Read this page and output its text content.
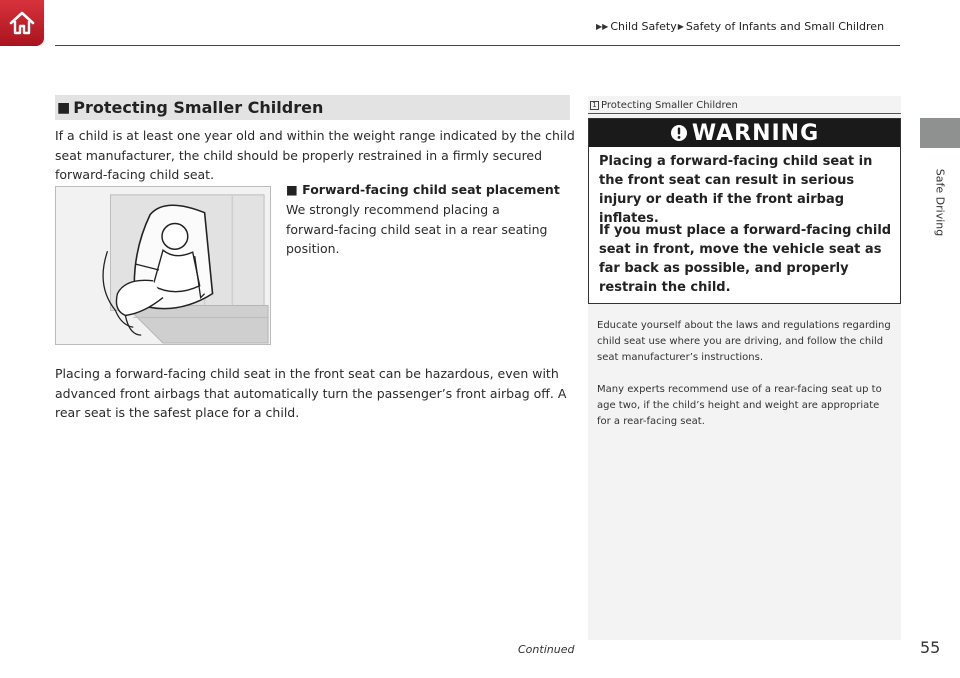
▶▶ Child Safety ▶ Safety of Infants and Small Children
Safe Driving
■ Protecting Smaller Children
If a child is at least one year old and within the weight range indicated by the child seat manufacturer, the child should be properly restrained in a firmly secured forward-facing child seat.
■ Forward-facing child seat placement
We strongly recommend placing a forward-facing child seat in a rear seating position.
Placing a forward-facing child seat in the front seat can be hazardous, even with advanced front airbags that automatically turn the passenger’s front airbag off. A rear seat is the safest place for a child.
1 Protecting Smaller Children
WARNING
Placing a forward-facing child seat in the front seat can result in serious injury or death if the front airbag inflates.
If you must place a forward-facing child seat in front, move the vehicle seat as far back as possible, and properly restrain the child.
Educate yourself about the laws and regulations regarding child seat use where you are driving, and follow the child seat manufacturer’s instructions.
Many experts recommend use of a rear-facing seat up to age two, if the child’s height and weight are appropriate for a rear-facing seat.
Continued	55
